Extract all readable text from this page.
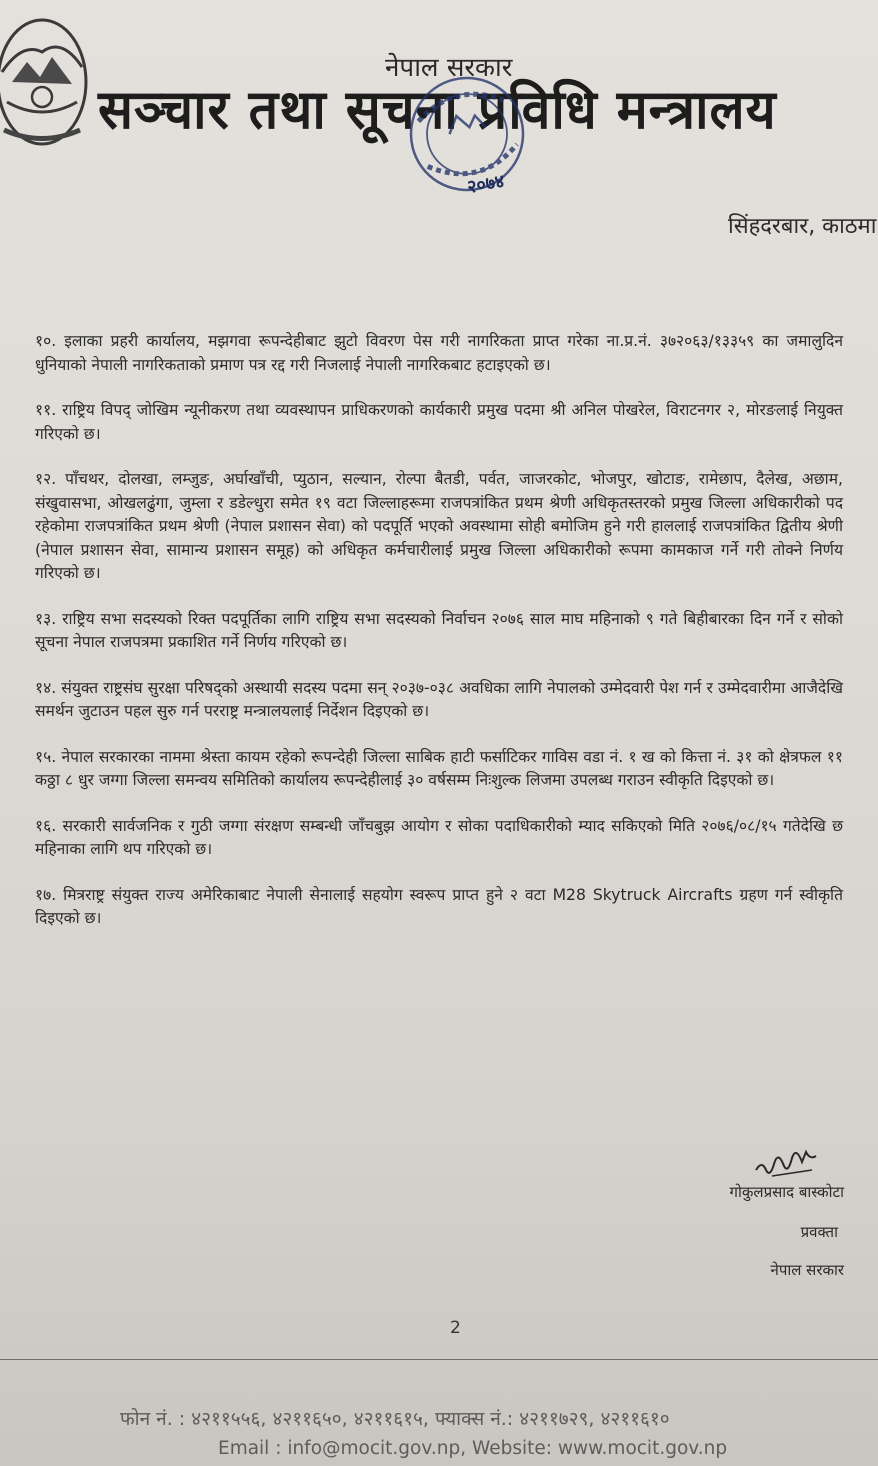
नेपाल सरकार
सञ्चार तथा सूचना प्रविधि मन्त्रालय
२०७४
सिंहदरबार, काठमा

१०. इलाका प्रहरी कार्यालय, मझगवा रूपन्देहीबाट झुटो विवरण पेस गरी नागरिकता प्राप्त गरेका ना.प्र.नं. ३७२०६३/१३३५९ का जमालुदिन धुनियाको नेपाली नागरिकताको प्रमाण पत्र रद्द गरी निजलाई नेपाली नागरिकबाट हटाइएको छ।

११. राष्ट्रिय विपद् जोखिम न्यूनीकरण तथा व्यवस्थापन प्राधिकरणको कार्यकारी प्रमुख पदमा श्री अनिल पोखरेल, विराटनगर २, मोरङलाई नियुक्त गरिएको छ।

१२. पाँचथर, दोलखा, लम्जुङ, अर्घाखाँची, प्युठान, सल्यान, रोल्पा बैतडी, पर्वत, जाजरकोट, भोजपुर, खोटाङ, रामेछाप, दैलेख, अछाम, संखुवासभा, ओखलढुंगा, जुम्ला र डडेल्धुरा समेत १९ वटा जिल्लाहरूमा राजपत्रांकित प्रथम श्रेणी अधिकृतस्तरको प्रमुख जिल्ला अधिकारीको पद रहेकोमा राजपत्रांकित प्रथम श्रेणी (नेपाल प्रशासन सेवा) को पदपूर्ति भएको अवस्थामा सोही बमोजिम हुने गरी हाललाई राजपत्रांकित द्वितीय श्रेणी (नेपाल प्रशासन सेवा, सामान्य प्रशासन समूह) को अधिकृत कर्मचारीलाई प्रमुख जिल्ला अधिकारीको रूपमा कामकाज गर्ने गरी तोक्ने निर्णय गरिएको छ।

१३. राष्ट्रिय सभा सदस्यको रिक्त पदपूर्तिका लागि राष्ट्रिय सभा सदस्यको निर्वाचन २०७६ साल माघ महिनाको ९ गते बिहीबारका दिन गर्ने र सोको सूचना नेपाल राजपत्रमा प्रकाशित गर्ने निर्णय गरिएको छ।

१४. संयुक्त राष्ट्रसंघ सुरक्षा परिषद्को अस्थायी सदस्य पदमा सन् २०३७-०३८ अवधिका लागि नेपालको उम्मेदवारी पेश गर्न र उम्मेदवारीमा आजैदेखि समर्थन जुटाउन पहल सुरु गर्न परराष्ट्र मन्त्रालयलाई निर्देशन दिइएको छ।

१५. नेपाल सरकारका नाममा श्रेस्ता कायम रहेको रूपन्देही जिल्ला साबिक हाटी फर्साटिकर गाविस वडा नं. १ ख को कित्ता नं. ३१ को क्षेत्रफल ११ कठ्ठा ८ धुर जग्गा जिल्ला समन्वय समितिको कार्यालय रूपन्देहीलाई ३० वर्षसम्म निःशुल्क लिजमा उपलब्ध गराउन स्वीकृति दिइएको छ।

१६. सरकारी सार्वजनिक र गुठी जग्गा संरक्षण सम्बन्धी जाँचबुझ आयोग र सोका पदाधिकारीको म्याद सकिएको मिति २०७६/०८/१५ गतेदेखि छ महिनाका लागि थप गरिएको छ।

१७. मित्रराष्ट्र संयुक्त राज्य अमेरिकाबाट नेपाली सेनालाई सहयोग स्वरूप प्राप्त हुने २ वटा M28 Skytruck Aircrafts ग्रहण गर्न स्वीकृति दिइएको छ।

गोकुलप्रसाद बास्कोटा
प्रवक्ता
नेपाल सरकार
2
फोन नं. : ४२११५५६, ४२११६५०, ४२११६१५, फ्याक्स नं.: ४२११७२९, ४२११६१०
Email : info@mocit.gov.np, Website: www.mocit.gov.np
